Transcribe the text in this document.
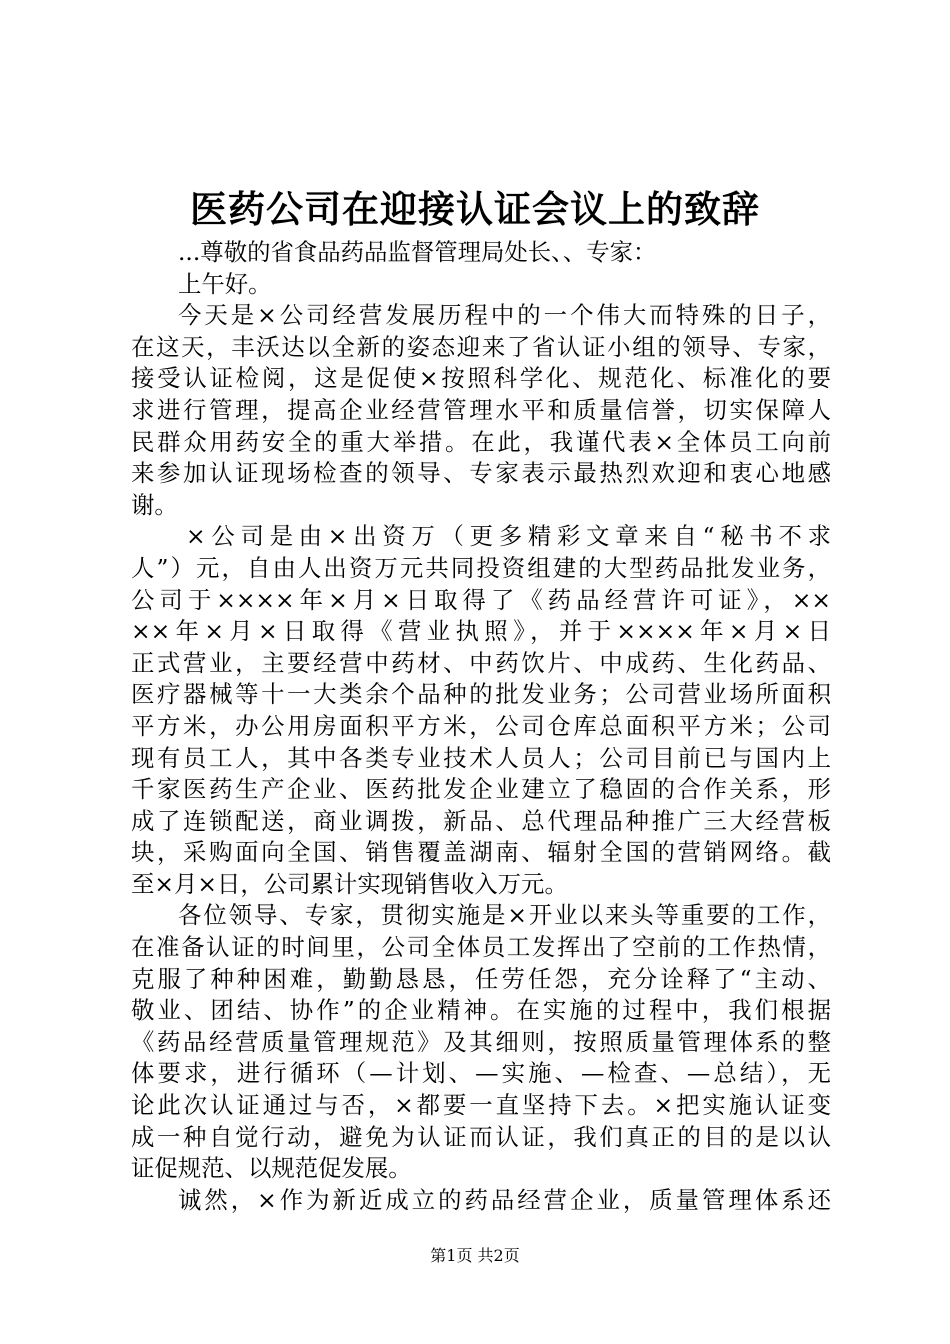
医药公司在迎接认证会议上的致辞
...尊敬的省食品药品监督管理局处长、、专家：
上午好。
今天是×公司经营发展历程中的一个伟大而特殊的日子，
在这天，丰沃达以全新的姿态迎来了省认证小组的领导、专家，
接受认证检阅，这是促使×按照科学化、规范化、标准化的要
求进行管理，提高企业经营管理水平和质量信誉，切实保障人
民群众用药安全的重大举措。在此，我谨代表×全体员工向前
来参加认证现场检查的领导、专家表示最热烈欢迎和衷心地感
谢。
×公司是由×出资万（更多精彩文章来自“秘书不求
人”）元，自由人出资万元共同投资组建的大型药品批发业务，
公司于××××年×月×日取得了《药品经营许可证》，××
××年×月×日取得《营业执照》，并于××××年×月×日
正式营业，主要经营中药材、中药饮片、中成药、生化药品、
医疗器械等十一大类余个品种的批发业务；公司营业场所面积
平方米，办公用房面积平方米，公司仓库总面积平方米；公司
现有员工人，其中各类专业技术人员人；公司目前已与国内上
千家医药生产企业、医药批发企业建立了稳固的合作关系，形
成了连锁配送，商业调拨，新品、总代理品种推广三大经营板
块，采购面向全国、销售覆盖湖南、辐射全国的营销网络。截
至×月×日，公司累计实现销售收入万元。
各位领导、专家，贯彻实施是×开业以来头等重要的工作，
在准备认证的时间里，公司全体员工发挥出了空前的工作热情，
克服了种种困难，勤勤恳恳，任劳任怨，充分诠释了“主动、
敬业、团结、协作”的企业精神。在实施的过程中，我们根据
《药品经营质量管理规范》及其细则，按照质量管理体系的整
体要求，进行循环（—计划、—实施、—检查、—总结），无
论此次认证通过与否，×都要一直坚持下去。×把实施认证变
成一种自觉行动，避免为认证而认证，我们真正的目的是以认
证促规范、以规范促发展。
诚然，×作为新近成立的药品经营企业，质量管理体系还
第1页 共2页
